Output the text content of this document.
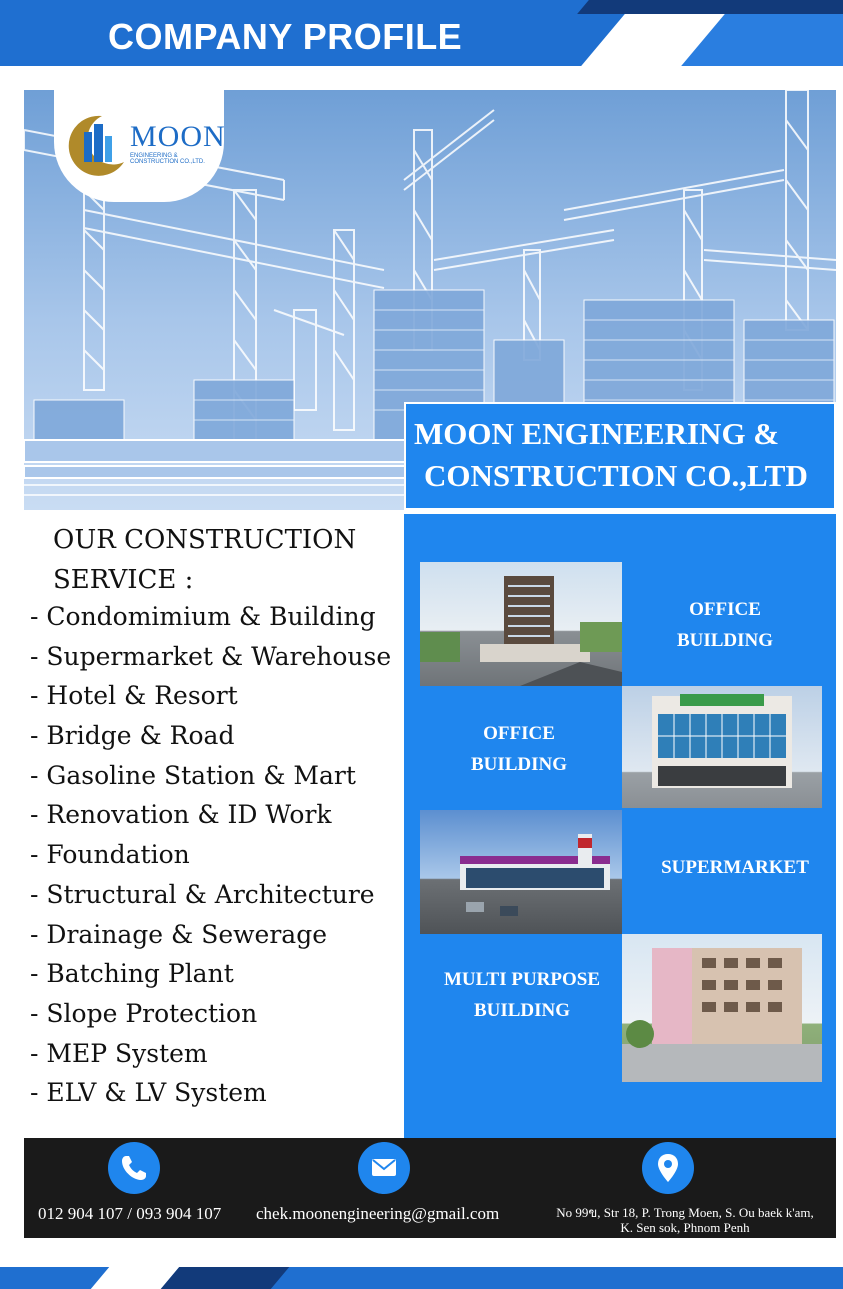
COMPANY PROFILE
MOON
ENGINEERING & CONSTRUCTION CO.,LTD.
MOON ENGINEERING &
CONSTRUCTION CO.,LTD
OUR CONSTRUCTION
SERVICE :
- Condomimium & Building
- Supermarket & Warehouse
- Hotel & Resort
- Bridge & Road
- Gasoline Station & Mart
- Renovation & ID Work
- Foundation
- Structural & Architecture
- Drainage & Sewerage
- Batching Plant
- Slope Protection
- MEP System
- ELV & LV System
OFFICE
BUILDING
OFFICE
BUILDING
SUPERMARKET
MULTI PURPOSE
BUILDING
012 904 107 / 093 904 107 chek.moonengineering@gmail.com	No 99ข, Str 18, P. Trong Moen, S. Ou baek k'am,
K. Sen sok, Phnom Penh
